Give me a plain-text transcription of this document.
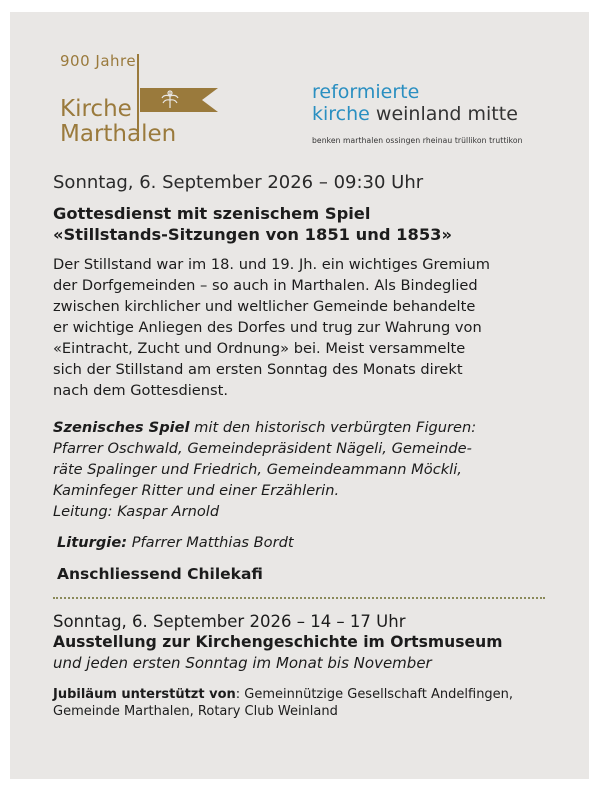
900 Jahre
Kirche
Marthalen
reformierte
kirche weinland mitte
benken marthalen ossingen rheinau trüllikon truttikon
Sonntag, 6. September 2026 – 09:30 Uhr
Gottesdienst mit szenischem Spiel
«Stillstands-Sitzungen von 1851 und 1853»
Der Stillstand war im 18. und 19. Jh. ein wichtiges Gremium
der Dorfgemeinden – so auch in Marthalen. Als Bindeglied
zwischen kirchlicher und weltlicher Gemeinde behandelte
er wichtige Anliegen des Dorfes und trug zur Wahrung von
«Eintracht, Zucht und Ordnung» bei. Meist versammelte
sich der Stillstand am ersten Sonntag des Monats direkt
nach dem Gottesdienst.
Szenisches Spiel mit den historisch verbürgten Figuren:
Pfarrer Oschwald, Gemeindepräsident Nägeli, Gemeinde-
räte Spalinger und Friedrich, Gemeindeammann Möckli,
Kaminfeger Ritter und einer Erzählerin.
Leitung: Kaspar Arnold
Liturgie: Pfarrer Matthias Bordt
Anschliessend Chilekafi
Sonntag, 6. September 2026 – 14 – 17 Uhr
Ausstellung zur Kirchengeschichte im Ortsmuseum
und jeden ersten Sonntag im Monat bis November
Jubiläum unterstützt von: Gemeinnützige Gesellschaft Andelfingen,
Gemeinde Marthalen, Rotary Club Weinland
